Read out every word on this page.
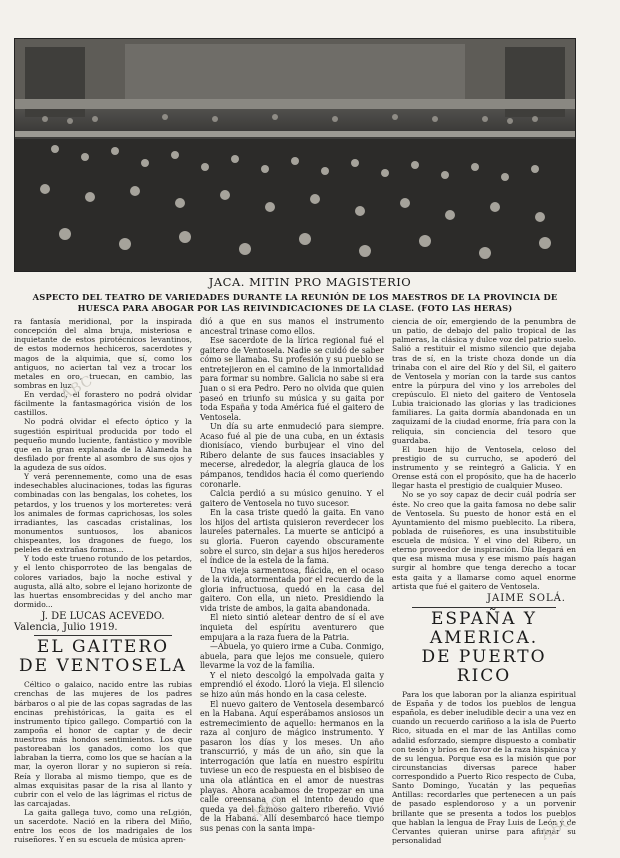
JACA. MITIN PRO MAGISTERIO
ASPECTO DEL TEATRO DE VARIEDADES DURANTE LA REUNIÓN DE LOS MAESTROS DE LA PROVINCIA DE HUESCA PARA ABOGAR POR LAS REIVINDICACIONES DE LA CLASE. (FOTO LAS HERAS)

ra fantasía meridional, por la inspirada concepción del alma bruja, misteriosa e inquietante de estos pirotécnicos levantinos, de estos modernos hechiceros, sacerdotes y magos de la alquimia, que sí, como los antiguos, no aciertan tal vez a trocar los metales en oro, truecan, en cambio, las sombras en luz.

En verdad, el forastero no podrá olvidar fácilmente la fantasmagórica visión de los castillos.

No podrá olvidar el efecto óptico y la sugestión espiritual producida por todo el pequeño mundo luciente, fantástico y movible que en la gran explanada de la Alameda ha desfilado por frente al asombro de sus ojos y la agudeza de sus oídos.

Y verá perennemente, como una de esas indesechables alucinaciones, todas las figuras combinadas con las bengalas, los cohetes, los petardos, y los truenos y los morteretes: verá los animales de formas caprichosas, los soles irradiantes, las cascadas cristalinas, los monumentos suntuosos, los abanicos chispeantes, los dragones de fuego, los peleles de extrañas formas...

Y todo este trueno rotundo de los petardos, y el lento chisporroteo de las bengalas de colores variados, bajo la noche estival y augusta, allá alto, sobre el lejano horizonte de las huertas ensombrecidas y del ancho mar dormido...

J. DE LUCAS ACEVEDO.
Valencia, Julio 1919.
EL GAITERO
DE VENTOSELA

Céltico o galaico, nacido entre las rubias crenchas de las mujeres de los padres bárbaros o al pie de las copas sagradas de las encinas prehistóricas, la gaita es el instrumento típico gallego. Compartió con la zampoña el honor de captar y de decir nuestros más hondos sentimientos. Los que pastoreaban los ganados, como los que labraban la tierra, como los que se hacían a la mar, la oyeron llorar y no supieron si reía. Reía y lloraba al mismo tiempo, que es de almas exquisitas pasar de la risa al llanto y cubrir con el velo de las lágrimas el rictus de las carcajadas.

La gaita gallega tuvo, como una reLgión, un sacerdote. Nació en la ribera del Miño, entre los ecos de los madrigales de los ruiseñores. Y en su escuela de música apren-

dió a que en sus manos el instrumento ancestral trinase como ellos.

Ese sacerdote de la lírica regional fué el gaitero de Ventosela. Nadie se cuidó de saber cómo se llamaba. Su profesión y su pueblo se entretejieron en el camino de la inmortalidad para formar su nombre. Galicia no sabe si era Juan o si era Pedro. Pero no olvida que quien paseó en triunfo su música y su gaita por toda España y toda América fué el gaitero de Ventosela.

Un día su arte enmudeció para siempre. Acaso fué al pie de una cuba, en un éxtasis dionisíaco, viendo burbujear el vino del Ribero delante de sus fauces insaciables y mecerse, alrededor, la alegría glauca de los pámpanos, tendidos hacia él como queriendo coronarle.

Calcia perdió a su músico genuino. Y el gaitero de Ventosela no tuvo sucesor.

En la casa triste quedó la gaita. En vano los hijos del artista quisieron reverdecer los laureles paternales. La muerte se anticipó a su gloria. Fueron cayendo obscuramente sobre el surco, sin dejar a sus hijos herederos el índice de la estela de la fama.

Una vieja sarmentosa, flácida, en el ocaso de la vida, atormentada por el recuerdo de la gloria infructuosa, quedó en la casa del gaitero. Con ella, un nieto. Presidiendo la vida triste de ambos, la gaita abandonada.

El nieto sintió aletear dentro de sí el ave inquieta del espíritu aventurero que empujara a la raza fuera de la Patria.

—Abuela, yo quiero irme a Cuba. Conmigo, abuela, para que lejos me consuele, quiero llevarme la voz de la familia.

Y el nieto descolgó la empolvada gaita y emprendió el éxodo. Lloró la vieja. El silencio se hizo aún más hondo en la casa celeste.

El nuevo gaitero de Ventosela desembarcó en la Habana. Aquí esperábamos ansiosos un estremecimiento de aquello: hermanos en la raza al conjuro de mágico instrumento. Y pasaron los días y los meses. Un año transcurrió, y más de un año, sin que la interrogación que latía en nuestro espíritu tuviese un eco de respuesta en el bisbiseo de una ola atlántica en el amor de nuestras playas. Ahora acabamos de tropezar en una calle oreensana con el intento deudo que queda ya del famoso gaitero ribereño. Vivió de la Habana. Allí desembarcó hace tiempo sus penas con la santa impa-

ciencia de oír, emergiendo de la penumbra de un patio, de debajo del palio tropical de las palmeras, la clásica y dulce voz del patrio suelo. Salió a restituir el mismo silencio que dejaba tras de sí, en la triste choza donde un día trinaba con el aire del Río y del Sil, el gaitero de Ventosela y morían con la tarde sus cantos entre la púrpura del vino y los arreboles del crepúsculo. El nieto del gaitero de Ventosela Lubia traicionado las glorias y las tradiciones familiares. La gaita dormía abandonada en un zaquizamí de la ciudad enorme, fría para con la reliquia, sin conciencia del tesoro que guardaba.

El buen hijo de Ventosela, celoso del prestigio de su currucho, se apoderó del instrumento y se reintegró a Galicia. Y en Orense está con el propósito, que ha de hacerlo llegar hasta el prestigio de cualquier Museo.

No se yo soy capaz de decir cuál podría ser éste. No creo que la gaita famosa no debe salir de Ventosela. Su puesto de honor está en el Ayuntamiento del mismo pueblecito. La ribera, poblada de ruiseñores, es una insubstituible escuela de música. Y el vino del Ribero, un eterno proveedor de inspiración. Día llegará en que esa misma musa y ese mismo país hagan surgir al hombre que tenga derecho a tocar esta gaita y a llamarse como aquel enorme artista que fué el gaitero de Ventosela.

JAIME SOLÁ.
ESPAÑA Y AMERICA.
DE PUERTO RICO

Para los que laboran por la alianza espiritual de España y de todos los pueblos de lengua española, es deber ineludible decir a una vez en cuando un recuerdo cariñoso a la isla de Puerto Rico, situada en el mar de las Antillas como adalid esforzado, siempre dispuesto a combatir con tesón y bríos en favor de la raza hispánica y de su lengua. Porque esa es la misión que por circunstancias diversas parece haber correspondido a Puerto Rico respecto de Cuba, Santo Domingo, Yucatán y las pequeñas Antillas: recordarles que pertenecen a un país de pasado esplendoroso y a un porvenir brillante que se presenta a todos los pueblos que hablan la lengua de Fray Luis de León y de Cervantes quieran unirse para afirmar su personalidad

ABC
ABC
ABC
